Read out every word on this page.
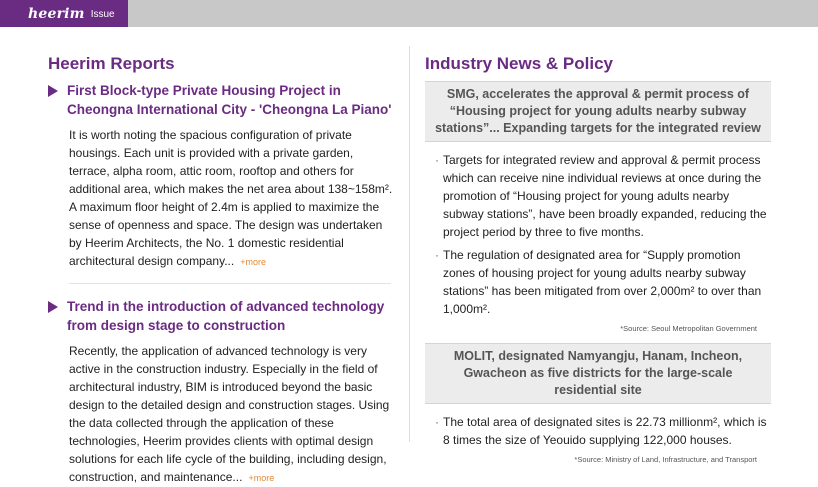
heerim Issue
Heerim Reports
First Block-type Private Housing Project in Cheongna International City - 'Cheongna La Piano'
It is worth noting the spacious configuration of private housings. Each unit is provided with a private garden, terrace, alpha room, attic room, rooftop and others for additional area, which makes the net area about 138~158m². A maximum floor height of 2.4m is applied to maximize the sense of openness and space. The design was undertaken by Heerim Architects, the No. 1 domestic residential architectural design company... +more
Trend in the introduction of advanced technology from design stage to construction
Recently, the application of advanced technology is very active in the construction industry. Especially in the field of architectural industry, BIM is introduced beyond the basic design to the detailed design and construction stages. Using the data collected through the application of these technologies, Heerim provides clients with optimal design solutions for each life cycle of the building, including design, construction, and maintenance... +more
Industry News & Policy
SMG, accelerates the approval & permit process of “Housing project for young adults nearby subway stations”... Expanding targets for the integrated review
· Targets for integrated review and approval & permit process which can receive nine individual reviews at once during the promotion of “Housing project for young adults nearby subway stations”, have been broadly expanded, reducing the project period by three to five months.
· The regulation of designated area for “Supply promotion zones of housing project for young adults nearby subway stations” has been mitigated from over 2,000m² to over than 1,000m².
*Source: Seoul Metropolitan Government
MOLIT, designated Namyangju, Hanam, Incheon, Gwacheon as five districts for the large-scale residential site
· The total area of designated sites is 22.73 millionm², which is 8 times the size of Yeouido supplying 122,000 houses.
*Source: Ministry of Land, Infrastructure, and Transport
